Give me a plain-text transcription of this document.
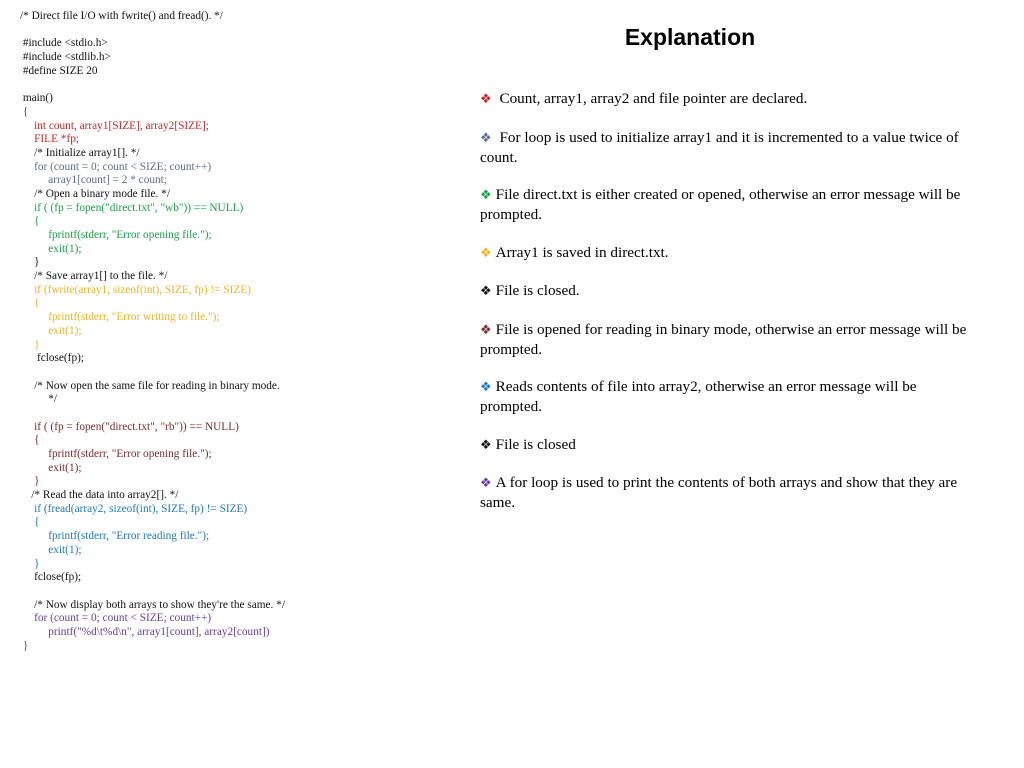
/* Direct file I/O with fwrite() and fread(). */
#include <stdio.h>
#include <stdlib.h>
#define SIZE 20
main()
{
int count, array1[SIZE], array2[SIZE];
FILE *fp;
/* Initialize array1[]. */
for (count = 0; count < SIZE; count++)
array1[count] = 2 * count;
/* Open a binary mode file. */
if ( (fp = fopen("direct.txt", "wb")) == NULL)
{
fprintf(stderr, "Error opening file.");
exit(1);
}
/* Save array1[] to the file. */
if (fwrite(array1, sizeof(int), SIZE, fp) != SIZE)
{
fprintf(stderr, "Error writing to file.");
exit(1);
}
fclose(fp);
/* Now open the same file for reading in binary mode.
*/
if ( (fp = fopen("direct.txt", "rb")) == NULL)
{
fprintf(stderr, "Error opening file.");
exit(1);
}
/* Read the data into array2[]. */
if (fread(array2, sizeof(int), SIZE, fp) != SIZE)
{
fprintf(stderr, "Error reading file.");
exit(1);
}
fclose(fp);
/* Now display both arrays to show they're the same. */
for (count = 0; count < SIZE; count++)
printf("%d\t%d\n", array1[count], array2[count])
}
Explanation
❖ Count, array1, array2 and file pointer are declared.
❖ For loop is used to initialize array1 and it is incremented to a value twice of count.
❖ File direct.txt is either created or opened, otherwise an error message will be prompted.
❖ Array1 is saved in direct.txt.
❖ File is closed.
❖ File is opened for reading in binary mode, otherwise an error message will be prompted.
❖ Reads contents of file into array2, otherwise an error message will be prompted.
❖ File is closed
❖ A for loop is used to print the contents of both arrays and show that they are same.
